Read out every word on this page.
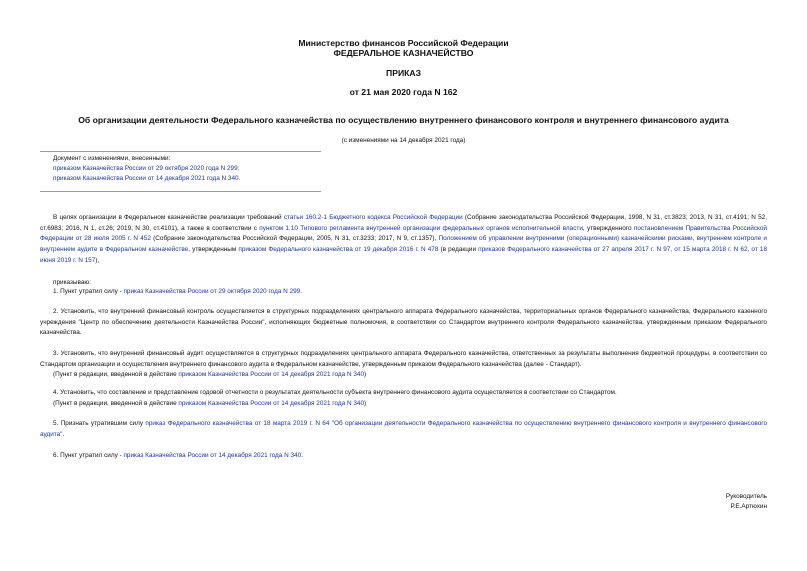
Министерство финансов Российской Федерации
ФЕДЕРАЛЬНОЕ КАЗНАЧЕЙСТВО
ПРИКАЗ
от 21 мая 2020 года N 162
Об организации деятельности Федерального казначейства по осуществлению внутреннего финансового контроля и внутреннего финансового аудита
(с изменениями на 14 декабря 2021 года)
Документ с изменениями, внесенными:
приказом Казначейства России от 29 октября 2020 года N 299;
приказом Казначейства России от 14 декабря 2021 года N 340.
В целях организации в Федеральном казначействе реализации требований статьи 160.2-1 Бюджетного кодекса Российской Федерации (Собрание законодательства Российской Федерации, 1998, N 31, ст.3823; 2013, N 31, ст.4191; N 52, ст.6983; 2016, N 1, ст.26; 2019, N 30, ст.4101), а также в соответствии с пунктом 1.10 Типового регламента внутренней организации федеральных органов исполнительной власти, утвержденного постановлением Правительства Российской Федерации от 28 июля 2005 г. N 452 (Собрание законодательства Российской Федерации, 2005, N 31, ст.3233; 2017, N 9, ст.1357), Положением об управлении внутренними (операционными) казначейскими рисками, внутреннем контроле и внутреннем аудите в Федеральном казначействе, утвержденным приказом Федерального казначейства от 19 декабря 2016 г. N 478 (в редакции приказов Федерального казначейства от 27 апреля 2017 г. N 97, от 15 марта 2018 г. N 62, от 18 июня 2019 г. N 157),
приказываю:
1. Пункт утратил силу - приказ Казначейства России от 29 октября 2020 года N 299.
2. Установить, что внутренний финансовый контроль осуществляется в структурных подразделениях центрального аппарата Федерального казначейства, территориальных органов Федерального казначейства, Федерального казенного учреждения "Центр по обеспечению деятельности Казначейства России", исполняющих бюджетные полномочия, в соответствии со Стандартом внутреннего контроля Федерального казначейства, утвержденным приказом Федерального казначейства.
3. Установить, что внутренний финансовый аудит осуществляется в структурных подразделениях центрального аппарата Федерального казначейства, ответственных за результаты выполнения бюджетной процедуры, в соответствии со Стандартом организации и осуществления внутреннего финансового аудита в Федеральном казначействе, утвержденным приказом Федерального казначейства (далее - Стандарт).
(Пункт в редакции, введенной в действие приказом Казначейства России от 14 декабря 2021 года N 340)
4. Установить, что составление и представление годовой отчетности о результатах деятельности субъекта внутреннего финансового аудита осуществляется в соответствии со Стандартом.
(Пункт в редакции, введенной в действие приказом Казначейства России от 14 декабря 2021 года N 340)
5. Признать утратившим силу приказ Федерального казначейства от 18 марта 2019 г. N 64 "Об организации деятельности Федерального казначейства по осуществлению внутреннего финансового контроля и внутреннего финансового аудита".
6. Пункт утратил силу - приказ Казначейства России от 14 декабря 2021 года N 340.
Руководитель
Р.Е.Артюхин
